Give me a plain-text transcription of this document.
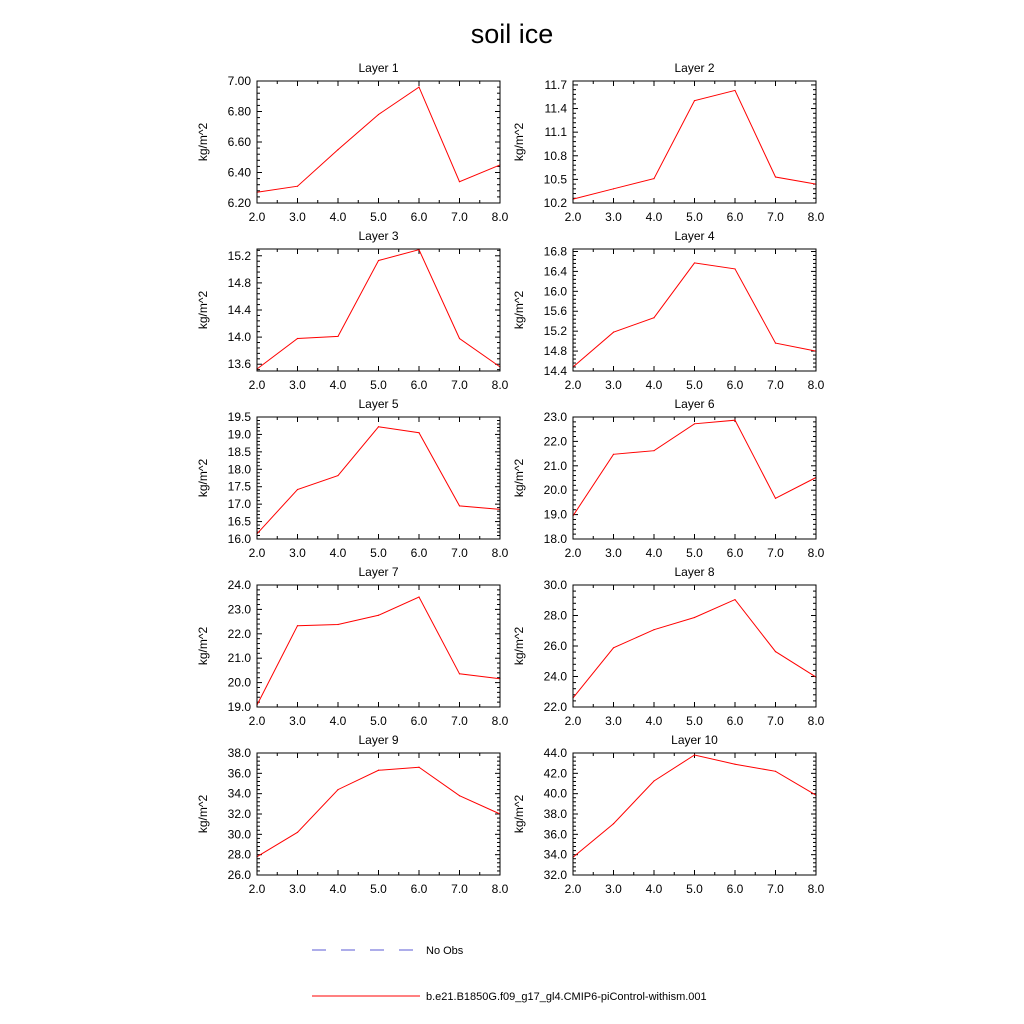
soil ice
Layer 1
2.0 3.0 4.0 5.0 6.0 7.0 8.0
6.20
6.40
6.60
6.80
7.00
kg/m^2
Layer 2
2.0 3.0 4.0 5.0 6.0 7.0 8.0
10.2
10.5
10.8
11.1
11.4
11.7
kg/m^2
Layer 3
2.0 3.0 4.0 5.0 6.0 7.0 8.0
13.6
14.0
14.4
14.8
15.2
kg/m^2
Layer 4
2.0 3.0 4.0 5.0 6.0 7.0 8.0
14.4
14.8
15.2
15.6
16.0
16.4
16.8
kg/m^2
Layer 5
2.0 3.0 4.0 5.0 6.0 7.0 8.0
16.0
16.5
17.0
17.5
18.0
18.5
19.0
19.5
kg/m^2
Layer 6
2.0 3.0 4.0 5.0 6.0 7.0 8.0
18.0
19.0
20.0
21.0
22.0
23.0
kg/m^2
Layer 7
2.0 3.0 4.0 5.0 6.0 7.0 8.0
19.0
20.0
21.0
22.0
23.0
24.0
kg/m^2
Layer 8
2.0 3.0 4.0 5.0 6.0 7.0 8.0
22.0
24.0
26.0
28.0
30.0
kg/m^2
Layer 9
2.0 3.0 4.0 5.0 6.0 7.0 8.0
26.0
28.0
30.0
32.0
34.0
36.0
38.0
kg/m^2
Layer 10
2.0 3.0 4.0 5.0 6.0 7.0 8.0
32.0
34.0
36.0
38.0
40.0
42.0
44.0
kg/m^2
No Obs
b.e21.B1850G.f09_g17_gl4.CMIP6-piControl-withism.001
